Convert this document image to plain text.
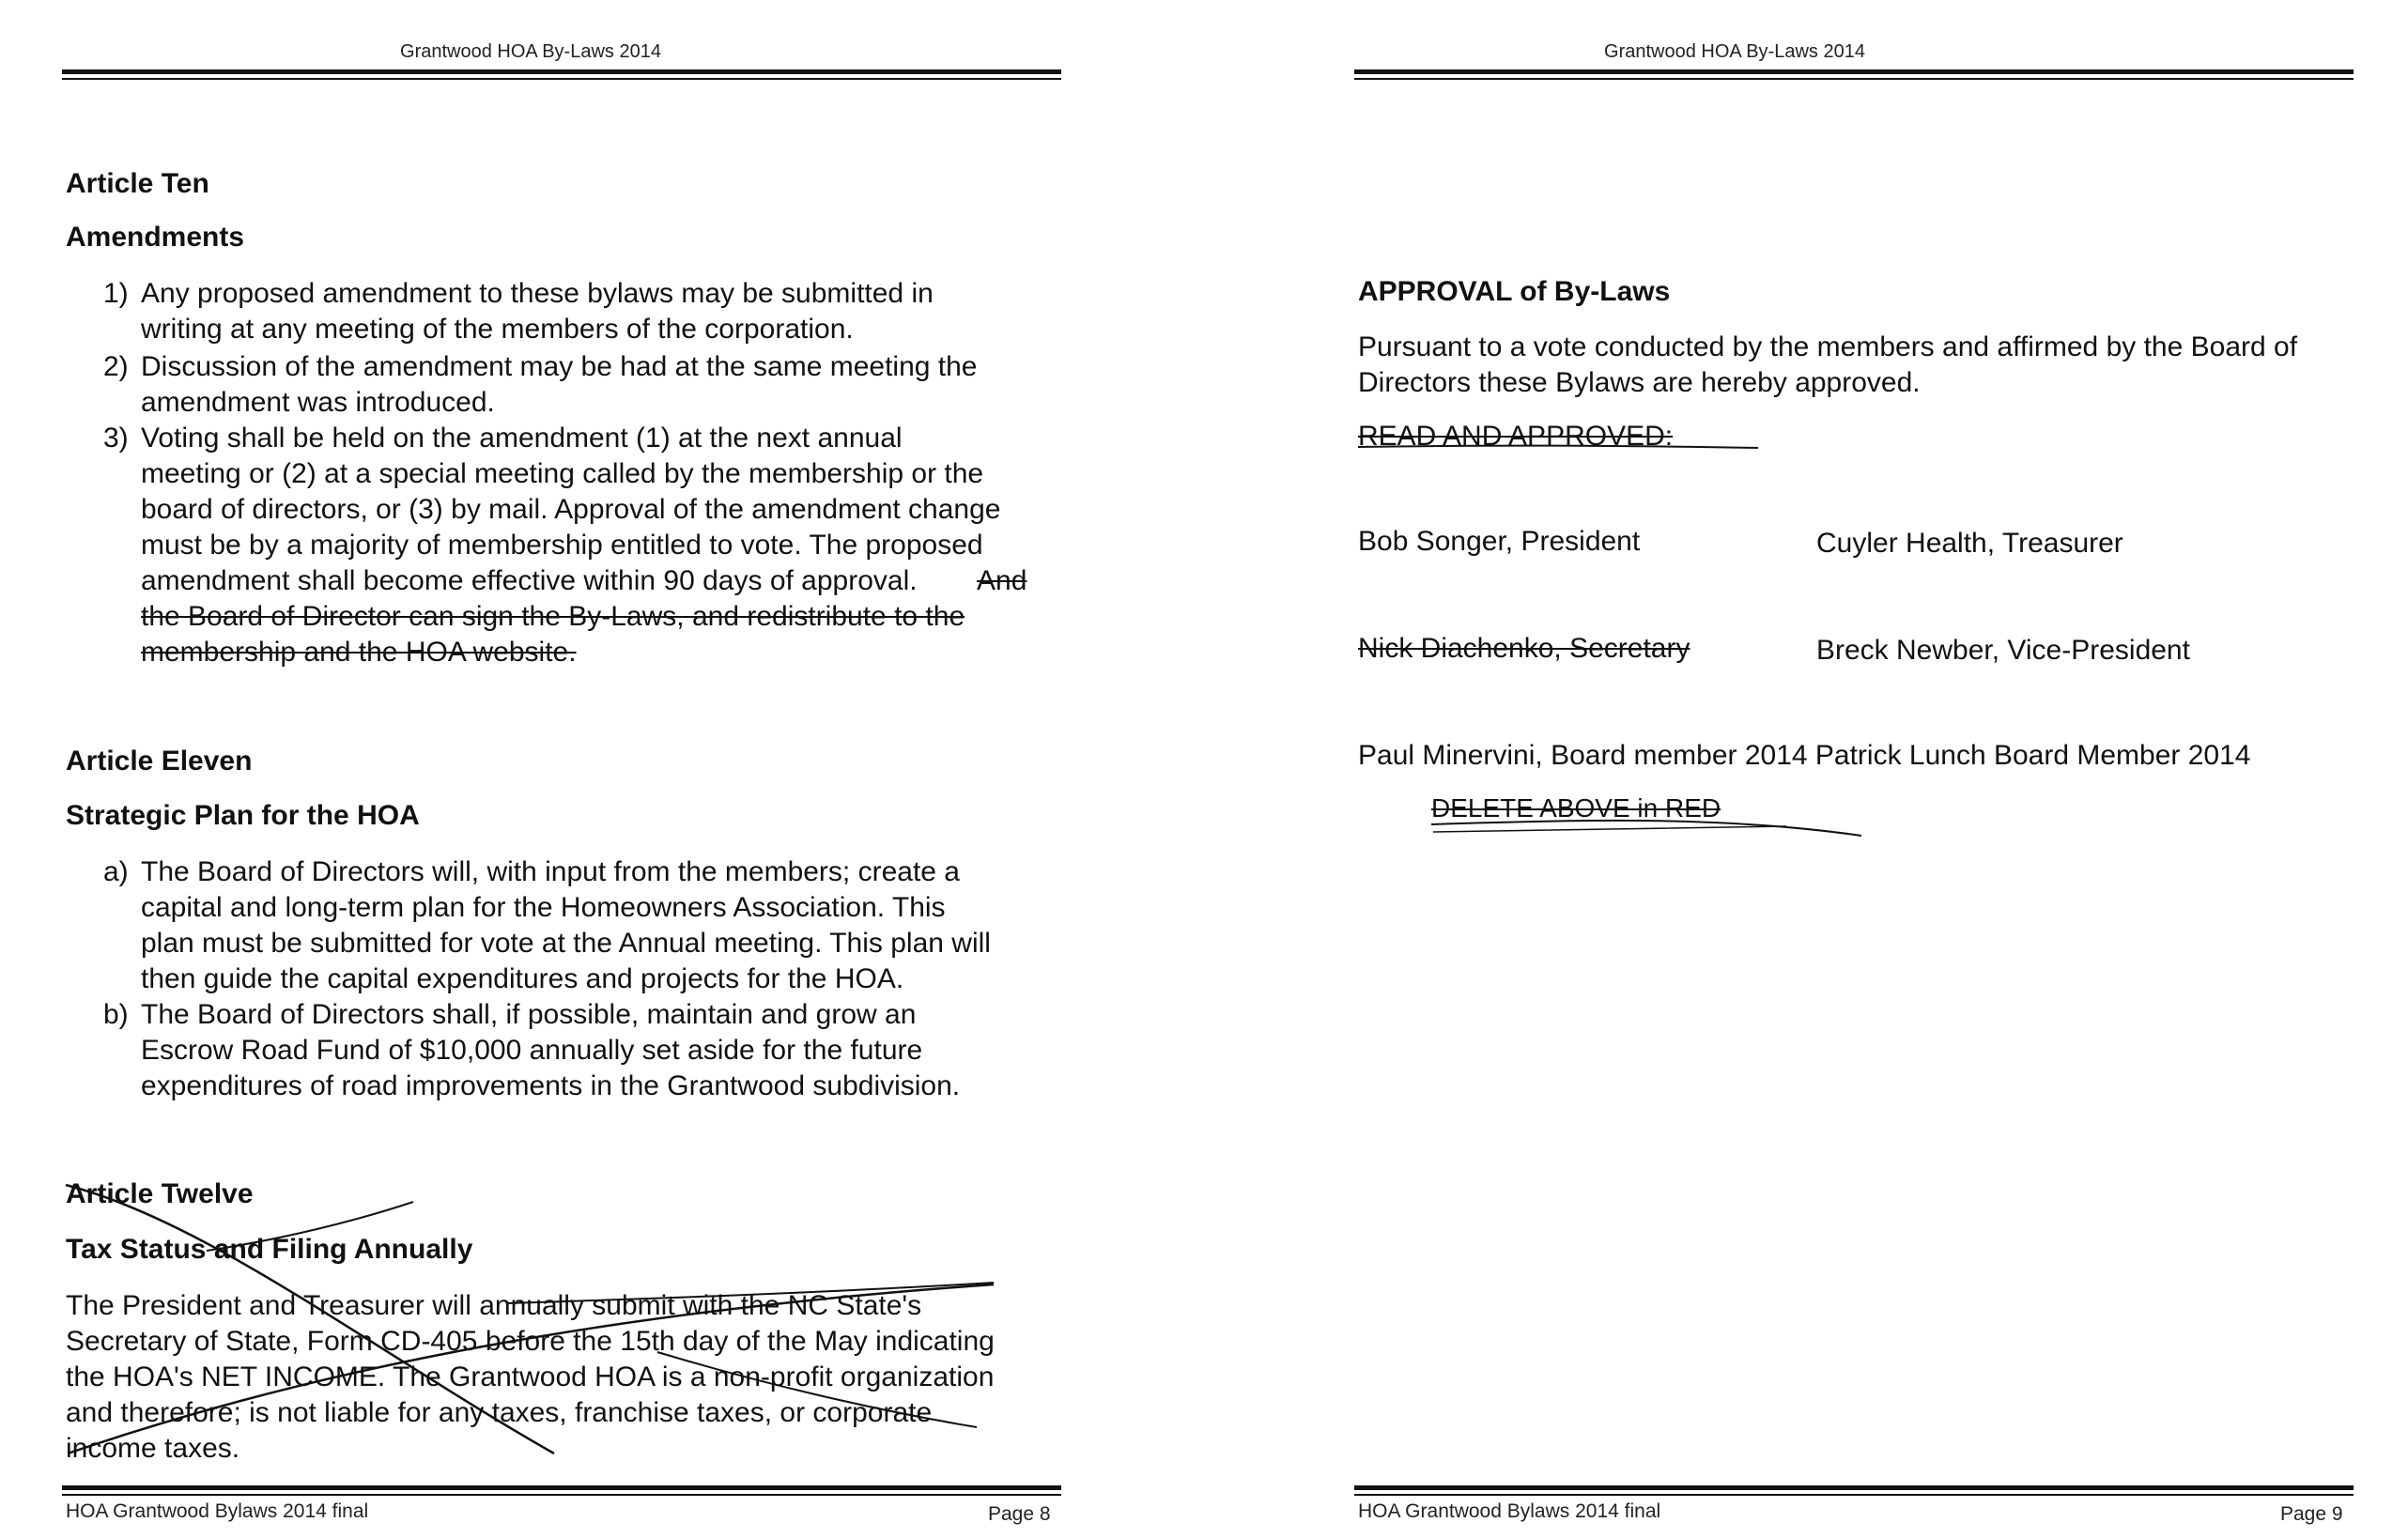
Grantwood HOA By-Laws 2014
Article Ten
Amendments
1) Any proposed amendment to these bylaws may be submitted in
writing at any meeting of the members of the corporation.
2) Discussion of the amendment may be had at the same meeting the
amendment was introduced.
3) Voting shall be held on the amendment (1) at the next annual
meeting or (2) at a special meeting called by the membership or the
board of directors, or (3) by mail. Approval of the amendment change
must be by a majority of membership entitled to vote. The proposed
amendment shall become effective within 90 days of approval. And
the Board of Director can sign the By-Laws, and redistribute to the
membership and the HOA website.
Article Eleven
Strategic Plan for the HOA
a) The Board of Directors will, with input from the members; create a
capital and long-term plan for the Homeowners Association. This
plan must be submitted for vote at the Annual meeting. This plan will
then guide the capital expenditures and projects for the HOA.
b) The Board of Directors shall, if possible, maintain and grow an
Escrow Road Fund of $10,000 annually set aside for the future
expenditures of road improvements in the Grantwood subdivision.
Article Twelve
Tax Status and Filing Annually
The President and Treasurer will annually submit with the NC State's
Secretary of State, Form CD-405 before the 15th day of the May indicating
the HOA's NET INCOME. The Grantwood HOA is a non-profit organization
and therefore; is not liable for any taxes, franchise taxes, or corporate
income taxes.
HOA Grantwood Bylaws 2014 final	Page 8
Grantwood HOA By-Laws 2014
APPROVAL of By-Laws
Pursuant to a vote conducted by the members and affirmed by the Board of
Directors these Bylaws are hereby approved.
READ AND APPROVED:
Bob Songer, President	Cuyler Health, Treasurer
Nick Diachenko, Secretary	Breck Newber, Vice-President
Paul Minervini, Board member 2014 Patrick Lunch Board Member 2014
DELETE ABOVE in RED
HOA Grantwood Bylaws 2014 final	Page 9
